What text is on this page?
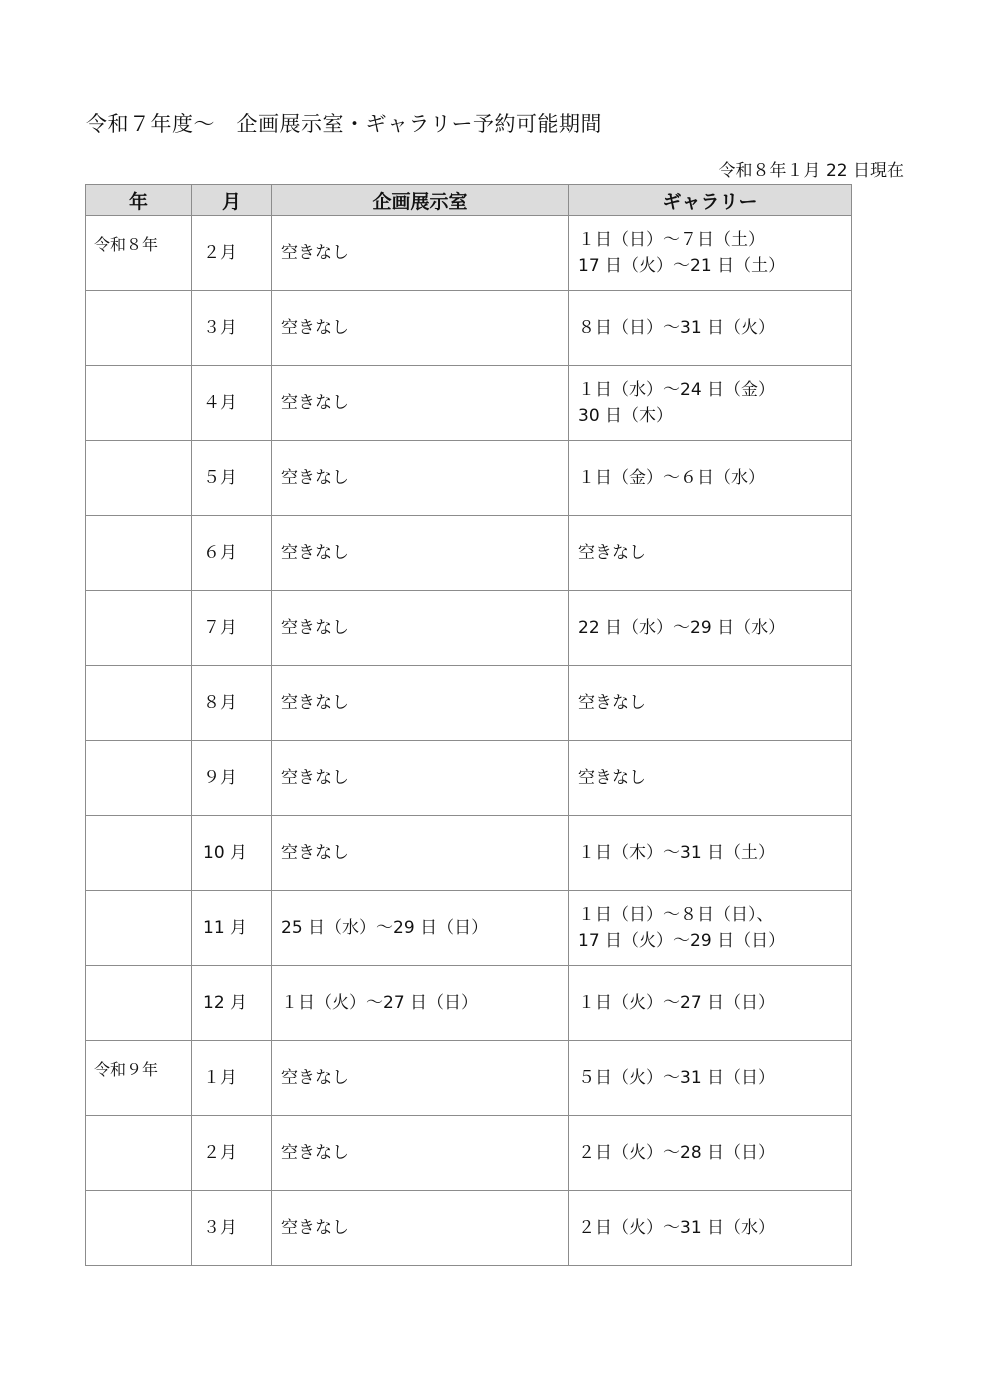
令和７年度～　企画展示室・ギャラリー予約可能期間
令和８年１月 22 日現在
年	月	企画展示室	ギャラリー
令和８年	２月	空きなし	１日（日）～７日（土）
17 日（火）～21 日（土）

	３月	空きなし	８日（日）～31 日（火）

	４月	空きなし	１日（水）～24 日（金）
30 日（木）

	５月	空きなし	１日（金）～６日（水）

	６月	空きなし	空きなし

	７月	空きなし	22 日（水）～29 日（水）

	８月	空きなし	空きなし

	９月	空きなし	空きなし

	10 月	空きなし	１日（木）～31 日（土）

	11 月	25 日（水）～29 日（日）	１日（日）～８日（日）、
17 日（火）～29 日（日）

	12 月	１日（火）～27 日（日）	１日（火）～27 日（日）

令和９年	１月	空きなし	５日（火）～31 日（日）

	２月	空きなし	２日（火）～28 日（日）

	３月	空きなし	２日（火）～31 日（水）
